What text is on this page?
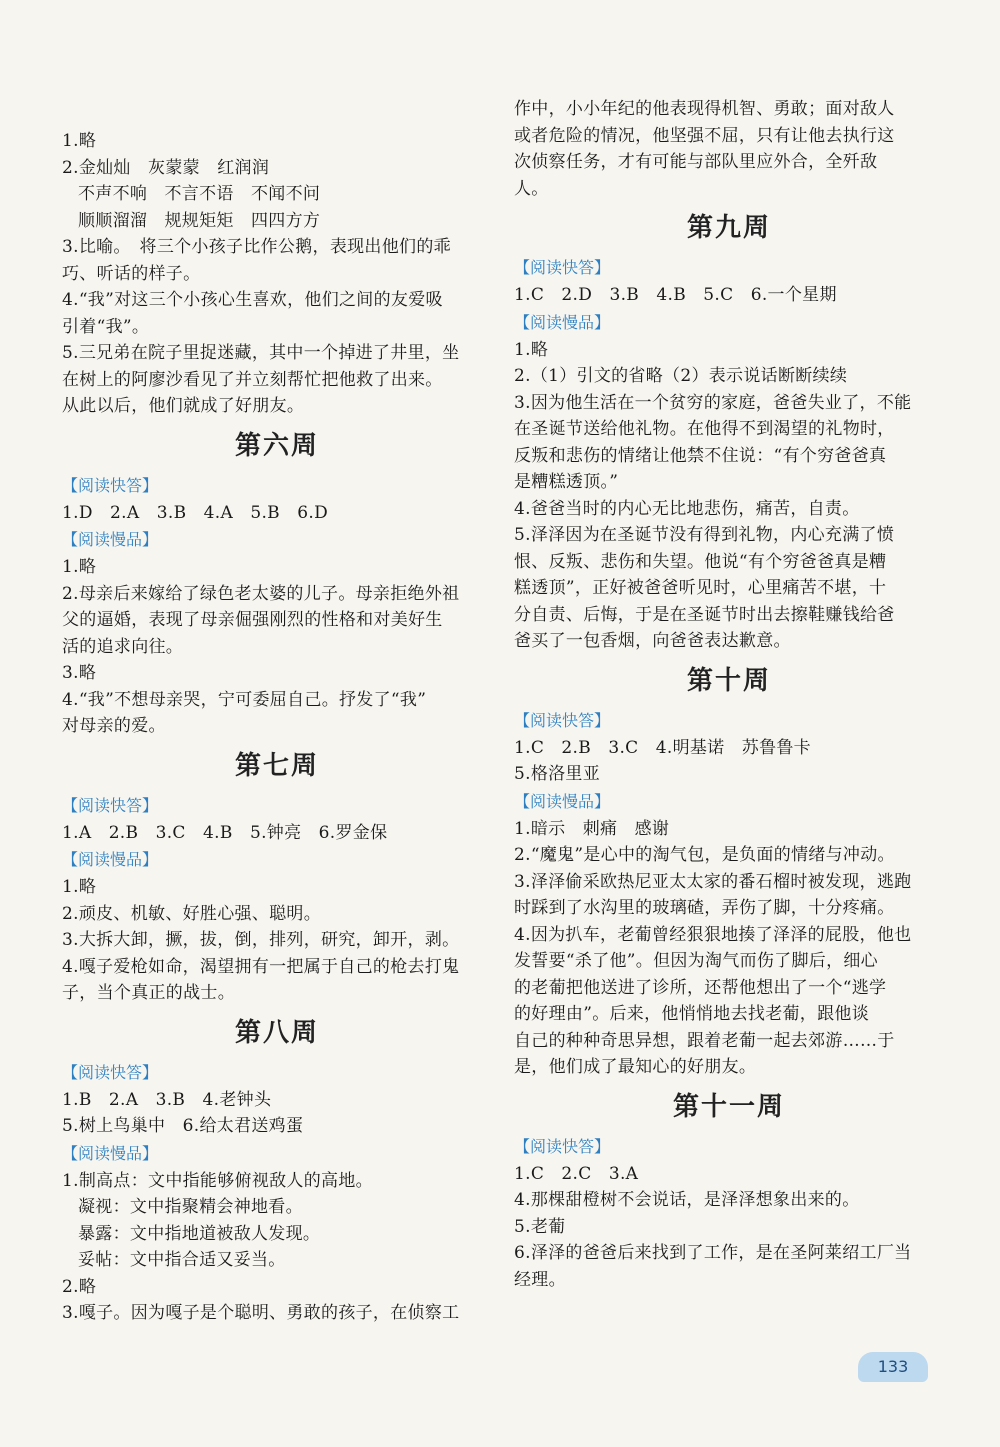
1.略
2.金灿灿　灰蒙蒙　红润润
不声不响　不言不语　不闻不问
顺顺溜溜　规规矩矩　四四方方
3.比喻。　将三个小孩子比作公鹅，表现出他们的乖
巧、听话的样子。
4.“我”对这三个小孩心生喜欢，他们之间的友爱吸
引着“我”。
5.三兄弟在院子里捉迷藏，其中一个掉进了井里，坐
在树上的阿廖沙看见了并立刻帮忙把他救了出来。
从此以后，他们就成了好朋友。
第六周
【阅读快答】
1.D　2.A　3.B　4.A　5.B　6.D
【阅读慢品】
1.略
2.母亲后来嫁给了绿色老太婆的儿子。母亲拒绝外祖
父的逼婚，表现了母亲倔强刚烈的性格和对美好生
活的追求向往。
3.略
4.“我”不想母亲哭，宁可委屈自己。抒发了“我”
对母亲的爱。
第七周
【阅读快答】
1.A　2.B　3.C　4.B　5.钟亮　6.罗金保
【阅读慢品】
1.略
2.顽皮、机敏、好胜心强、聪明。
3.大拆大卸，撅，拔，倒，排列，研究，卸开，剥。
4.嘎子爱枪如命，渴望拥有一把属于自己的枪去打鬼
子，当个真正的战士。
第八周
【阅读快答】
1.B　2.A　3.B　4.老钟头
5.树上鸟巢中　6.给太君送鸡蛋
【阅读慢品】
1.制高点：文中指能够俯视敌人的高地。
凝视：文中指聚精会神地看。
暴露：文中指地道被敌人发现。
妥帖：文中指合适又妥当。
2.略
3.嘎子。因为嘎子是个聪明、勇敢的孩子，在侦察工
作中，小小年纪的他表现得机智、勇敢；面对敌人
或者危险的情况，他坚强不屈，只有让他去执行这
次侦察任务，才有可能与部队里应外合，全歼敌
人。
第九周
【阅读快答】
1.C　2.D　3.B　4.B　5.C　6.一个星期
【阅读慢品】
1.略
2.（1）引文的省略（2）表示说话断断续续
3.因为他生活在一个贫穷的家庭，爸爸失业了，不能
在圣诞节送给他礼物。在他得不到渴望的礼物时，
反叛和悲伤的情绪让他禁不住说：“有个穷爸爸真
是糟糕透顶。”
4.爸爸当时的内心无比地悲伤，痛苦，自责。
5.泽泽因为在圣诞节没有得到礼物，内心充满了愤
恨、反叛、悲伤和失望。他说“有个穷爸爸真是糟
糕透顶”，正好被爸爸听见时，心里痛苦不堪，十
分自责、后悔，于是在圣诞节时出去擦鞋赚钱给爸
爸买了一包香烟，向爸爸表达歉意。
第十周
【阅读快答】
1.C　2.B　3.C　4.明基诺　苏鲁鲁卡
5.格洛里亚
【阅读慢品】
1.暗示　刺痛　感谢
2.“魔鬼”是心中的淘气包，是负面的情绪与冲动。
3.泽泽偷采欧热尼亚太太家的番石榴时被发现，逃跑
时踩到了水沟里的玻璃碴，弄伤了脚，十分疼痛。
4.因为扒车，老葡曾经狠狠地揍了泽泽的屁股，他也
发誓要“杀了他”。但因为淘气而伤了脚后，细心
的老葡把他送进了诊所，还帮他想出了一个“逃学
的好理由”。后来，他悄悄地去找老葡，跟他谈
自己的种种奇思异想，跟着老葡一起去郊游……于
是，他们成了最知心的好朋友。
第十一周
【阅读快答】
1.C　2.C　3.A
4.那棵甜橙树不会说话，是泽泽想象出来的。
5.老葡
6.泽泽的爸爸后来找到了工作，是在圣阿莱绍工厂当
经理。
133
